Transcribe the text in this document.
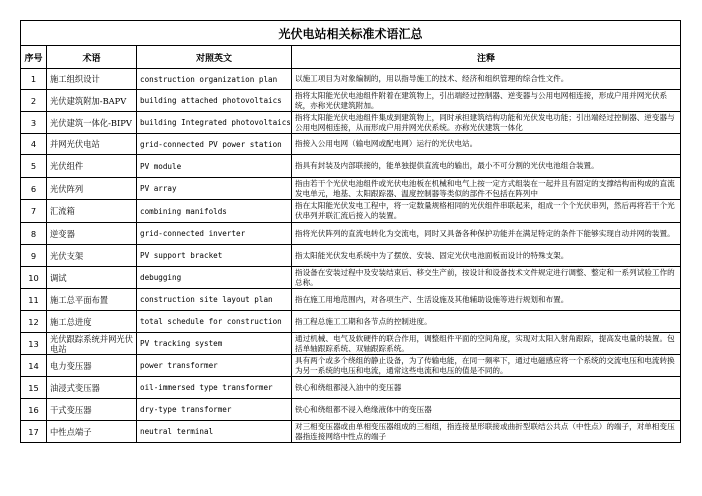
光伏电站相关标准术语汇总			
序号	术语	对照英文	注释
1	施工组织设计	construction organization plan	以施工项目为对象编制的，用以指导施工的技术、经济和组织管理的综合性文件。
2	光伏建筑附加-BAPV	building attached photovoltaics	指将太阳能光伏电池组件附着在建筑物上，引出端经过控制器、逆变器与公用电网相连接，形成户用并网光伏系统，亦称光伏建筑附加。
3	光伏建筑一体化-BIPV	building Integrated photovoltaics	指将太阳能光伏电池组件集成到建筑物上，同时承担建筑结构功能和光伏发电功能；引出端经过控制器、逆变器与公用电网相连接，从而形成户用并网光伏系统。亦称光伏建筑一体化
4	并网光伏电站	grid-connected PV power station	指接入公用电网（输电网或配电网）运行的光伏电站。
5	光伏组件	PV module	指具有封装及内部联接的，能单独提供直流电的输出，最小不可分割的光伏电池组合装置。
6	光伏阵列	PV array	指由若干个光伏电池组件或光伏电池板在机械和电气上按一定方式组装在一起并且有固定的支撑结构而构成的直流发电单元，地基、太阳跟踪器、温度控制器等类似的部件不包括在阵列中
7	汇流箱	combining manifolds	指在太阳能光伏发电工程中，将一定数量规格相同的光伏组件串联起来，组成一个个光伏串列，然后再将若干个光伏串列并联汇流后接入的装置。
8	逆变器	grid-connected inverter	指将光伏阵列的直流电转化为交流电，同时又具备各种保护功能并在满足特定的条件下能够实现自动并网的装置。
9	光伏支架	PV support bracket	指太阳能光伏发电系统中为了摆放、安装、固定光伏电池面板而设计的特殊支架。
10	调试	debugging	指设备在安装过程中及安装结束后、移交生产前，按设计和设备技术文件规定进行调整、整定和一系列试验工作的总称。
11	施工总平面布置	construction site layout plan	指在施工用地范围内，对各项生产、生活设施及其他辅助设施等进行规划和布置。
12	施工总进度	total schedule for construction	指工程总施工工期和各节点的控制进度。
13	光伏跟踪系统并网光伏电站	PV tracking system	通过机械、电气及软硬件的联合作用，调整组件平面的空间角度，实现对太阳入射角跟踪，提高发电量的装置。包括单轴跟踪系统、双轴跟踪系统。
14	电力变压器	power transformer	具有两个或多个绕组的静止设备，为了传输电能，在同一频率下，通过电磁感应将一个系统的交流电压和电流转换为另一系统的电压和电流，通常这些电流和电压的值是不同的。
15	油浸式变压器	oil-immersed type transformer	铁心和绕组都浸入油中的变压器
16	干式变压器	dry-type transformer	铁心和绕组都不浸入绝缘液体中的变压器
17	中性点端子	neutral terminal	对三相变压器或由单相变压器组成的三相组，指连接星形联接或曲折型联结公共点（中性点）的端子，对单相变压器指连接网络中性点的端子
